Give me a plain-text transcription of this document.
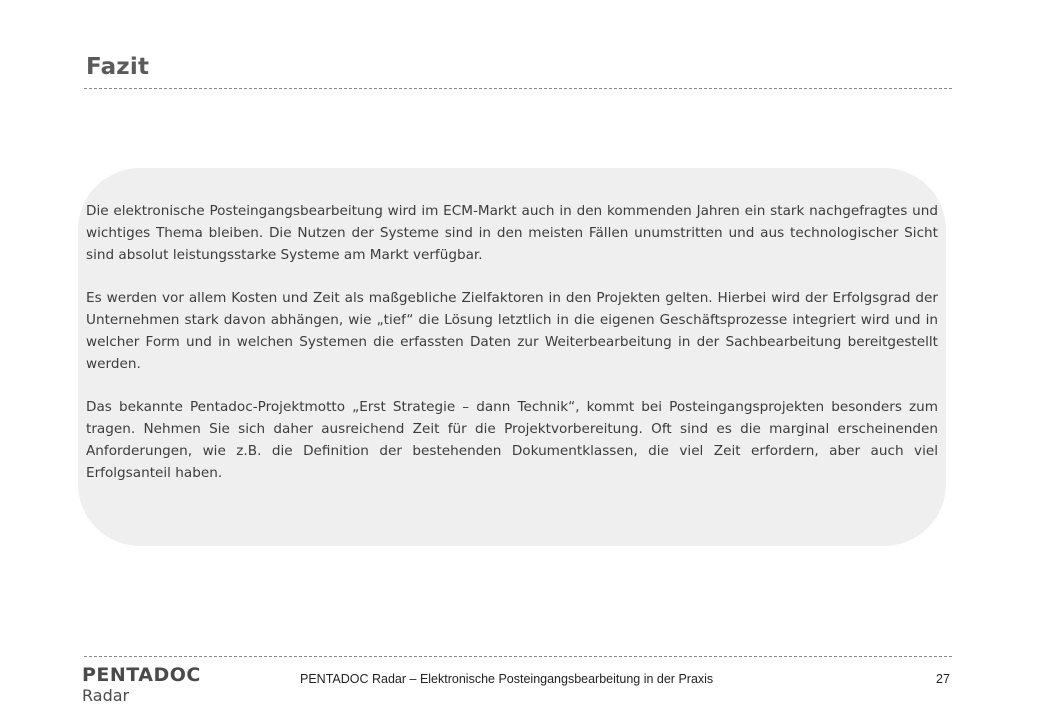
Fazit

Die elektronische Posteingangsbearbeitung wird im ECM-Markt auch in den kommenden Jahren ein stark nachgefragtes und wichtiges Thema bleiben. Die Nutzen der Systeme sind in den meisten Fällen unumstritten und aus technologischer Sicht sind absolut leistungsstarke Systeme am Markt verfügbar.

Es werden vor allem Kosten und Zeit als maßgebliche Zielfaktoren in den Projekten gelten. Hierbei wird der Erfolgsgrad der Unternehmen stark davon abhängen, wie „tief“ die Lösung letztlich in die eigenen Geschäftsprozesse integriert wird und in welcher Form und in welchen Systemen die erfassten Daten zur Weiterbearbeitung in der Sachbearbeitung bereitgestellt werden.

Das bekannte Pentadoc-Projektmotto „Erst Strategie – dann Technik“, kommt bei Posteingangsprojekten besonders zum tragen. Nehmen Sie sich daher ausreichend Zeit für die Projektvorbereitung. Oft sind es die marginal erscheinenden Anforderungen, wie z.B. die Definition der bestehenden Dokumentklassen, die viel Zeit erfordern, aber auch viel Erfolgsanteil haben.

PENTADOC
Radar
PENTADOC Radar – Elektronische Posteingangsbearbeitung in der Praxis	27
